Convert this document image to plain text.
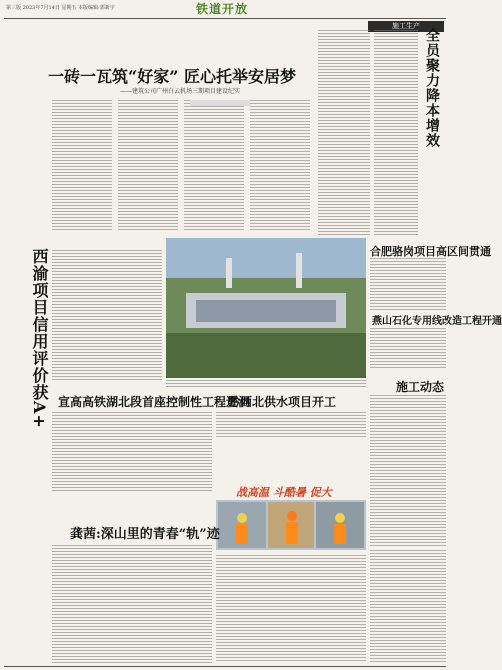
第三版 2023年7月14日 星期五 本版编辑:郭新宇	铁道开放
施工生产
一砖一瓦筑“好家” 匠心托举安居梦
——建筑公司广州白云机场三期项目建设纪实	全员聚力降本增效
西渝项目信用评价获A+	合肥骆岗项目高区间贯通
燕山石化专用线改造工程开通
施工动态
宣高高铁湖北段首座控制性工程进洞
黔西北供水项目开工
战高温 斗酷暑 促大
龚茜:深山里的青春“轨”迹
